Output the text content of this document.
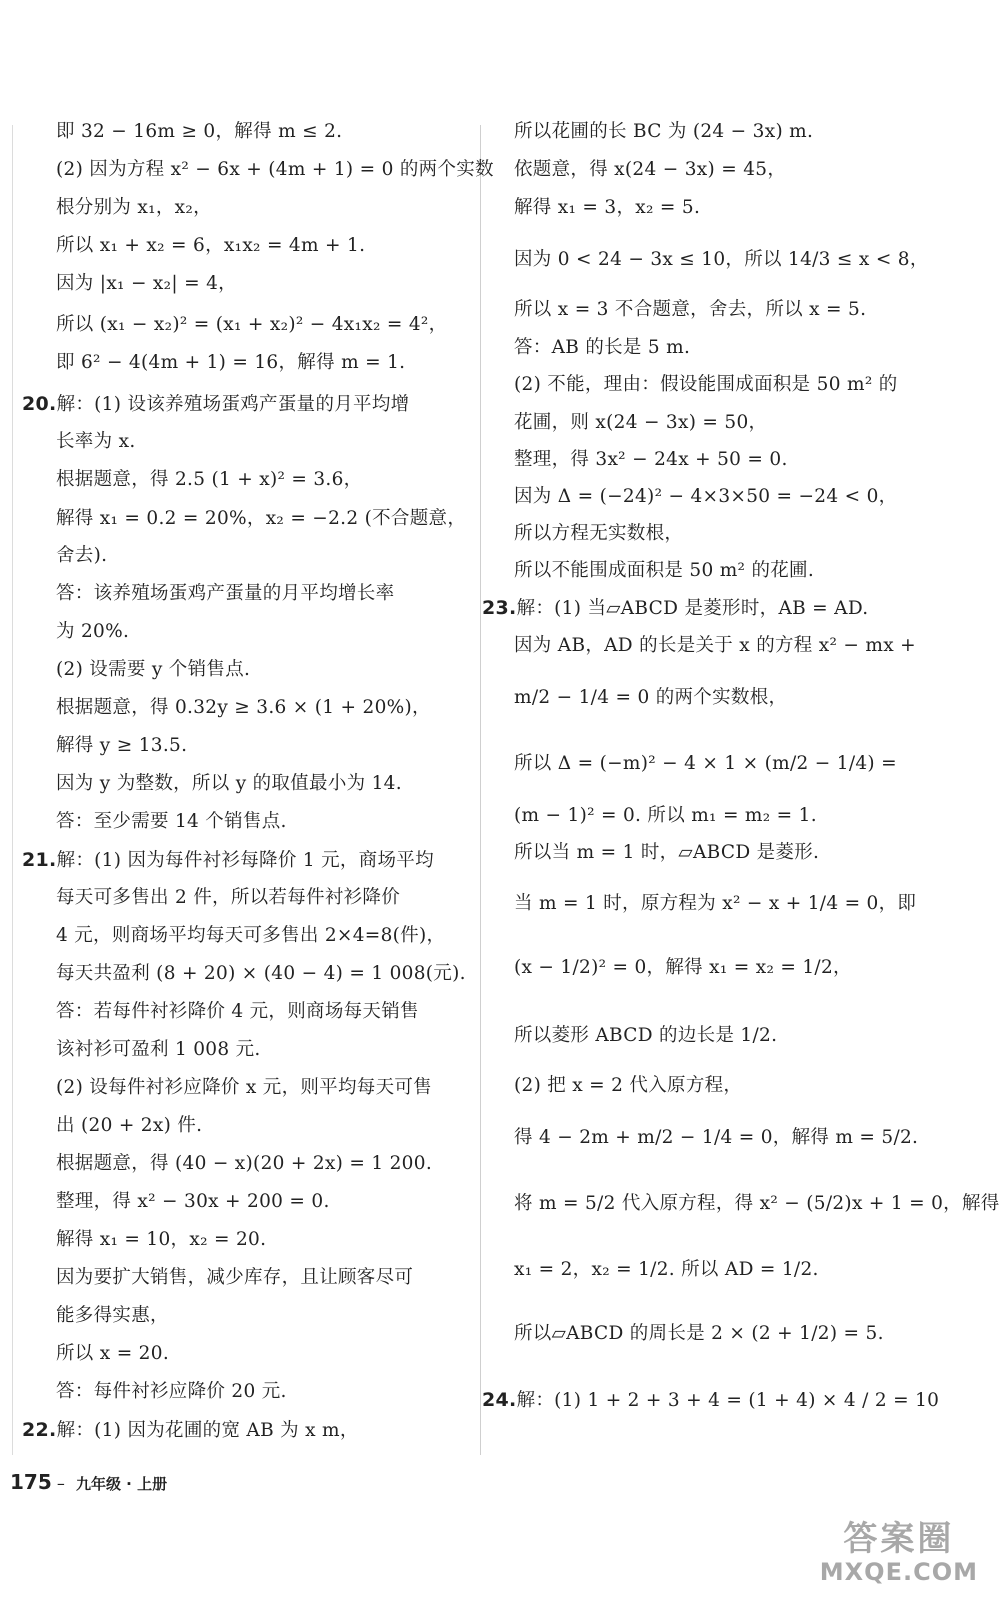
即 32 − 16m ≥ 0，解得 m ≤ 2.
(2) 因为方程 x² − 6x + (4m + 1) = 0 的两个实数
根分别为 x₁，x₂，
所以 x₁ + x₂ = 6，x₁x₂ = 4m + 1.
因为 |x₁ − x₂| = 4，
所以 (x₁ − x₂)² = (x₁ + x₂)² − 4x₁x₂ = 4²，
即 6² − 4(4m + 1) = 16，解得 m = 1.
20.解：(1) 设该养殖场蛋鸡产蛋量的月平均增
长率为 x.
根据题意，得 2.5 (1 + x)² = 3.6，
解得 x₁ = 0.2 = 20%，x₂ = −2.2 (不合题意，
舍去).
答：该养殖场蛋鸡产蛋量的月平均增长率
为 20%.
(2) 设需要 y 个销售点.
根据题意，得 0.32y ≥ 3.6 × (1 + 20%)，
解得 y ≥ 13.5.
因为 y 为整数，所以 y 的取值最小为 14.
答：至少需要 14 个销售点.
21.解：(1) 因为每件衬衫每降价 1 元，商场平均
每天可多售出 2 件，所以若每件衬衫降价
4 元，则商场平均每天可多售出 2×4=8(件)，
每天共盈利 (8 + 20) × (40 − 4) = 1 008(元).
答：若每件衬衫降价 4 元，则商场每天销售
该衬衫可盈利 1 008 元.
(2) 设每件衬衫应降价 x 元，则平均每天可售
出 (20 + 2x) 件.
根据题意，得 (40 − x)(20 + 2x) = 1 200.
整理，得 x² − 30x + 200 = 0.
解得 x₁ = 10，x₂ = 20.
因为要扩大销售，减少库存，且让顾客尽可
能多得实惠，
所以 x = 20.
答：每件衬衫应降价 20 元.
22.解：(1) 因为花圃的宽 AB 为 x m，
所以花圃的长 BC 为 (24 − 3x) m.
依题意，得 x(24 − 3x) = 45，
解得 x₁ = 3，x₂ = 5.
因为 0 < 24 − 3x ≤ 10，所以 14/3 ≤ x < 8，
所以 x = 3 不合题意，舍去，所以 x = 5.
答：AB 的长是 5 m.
(2) 不能，理由：假设能围成面积是 50 m² 的
花圃，则 x(24 − 3x) = 50，
整理，得 3x² − 24x + 50 = 0.
因为 Δ = (−24)² − 4×3×50 = −24 < 0，
所以方程无实数根，
所以不能围成面积是 50 m² 的花圃.
23.解：(1) 当▱ABCD 是菱形时，AB = AD.
因为 AB，AD 的长是关于 x 的方程 x² − mx +
m/2 − 1/4 = 0 的两个实数根，
所以 Δ = (−m)² − 4 × 1 × (m/2 − 1/4) =
(m − 1)² = 0. 所以 m₁ = m₂ = 1.
所以当 m = 1 时，▱ABCD 是菱形.
当 m = 1 时，原方程为 x² − x + 1/4 = 0，即
(x − 1/2)² = 0，解得 x₁ = x₂ = 1/2，
所以菱形 ABCD 的边长是 1/2.
(2) 把 x = 2 代入原方程，
得 4 − 2m + m/2 − 1/4 = 0，解得 m = 5/2.
将 m = 5/2 代入原方程，得 x² − (5/2)x + 1 = 0，解得
x₁ = 2，x₂ = 1/2. 所以 AD = 1/2.
所以▱ABCD 的周长是 2 × (2 + 1/2) = 5.
24.解：(1) 1 + 2 + 3 + 4 = (1 + 4) × 4 / 2 = 10
175 – 九年级 · 上册
答案圈
MXQE.COM
